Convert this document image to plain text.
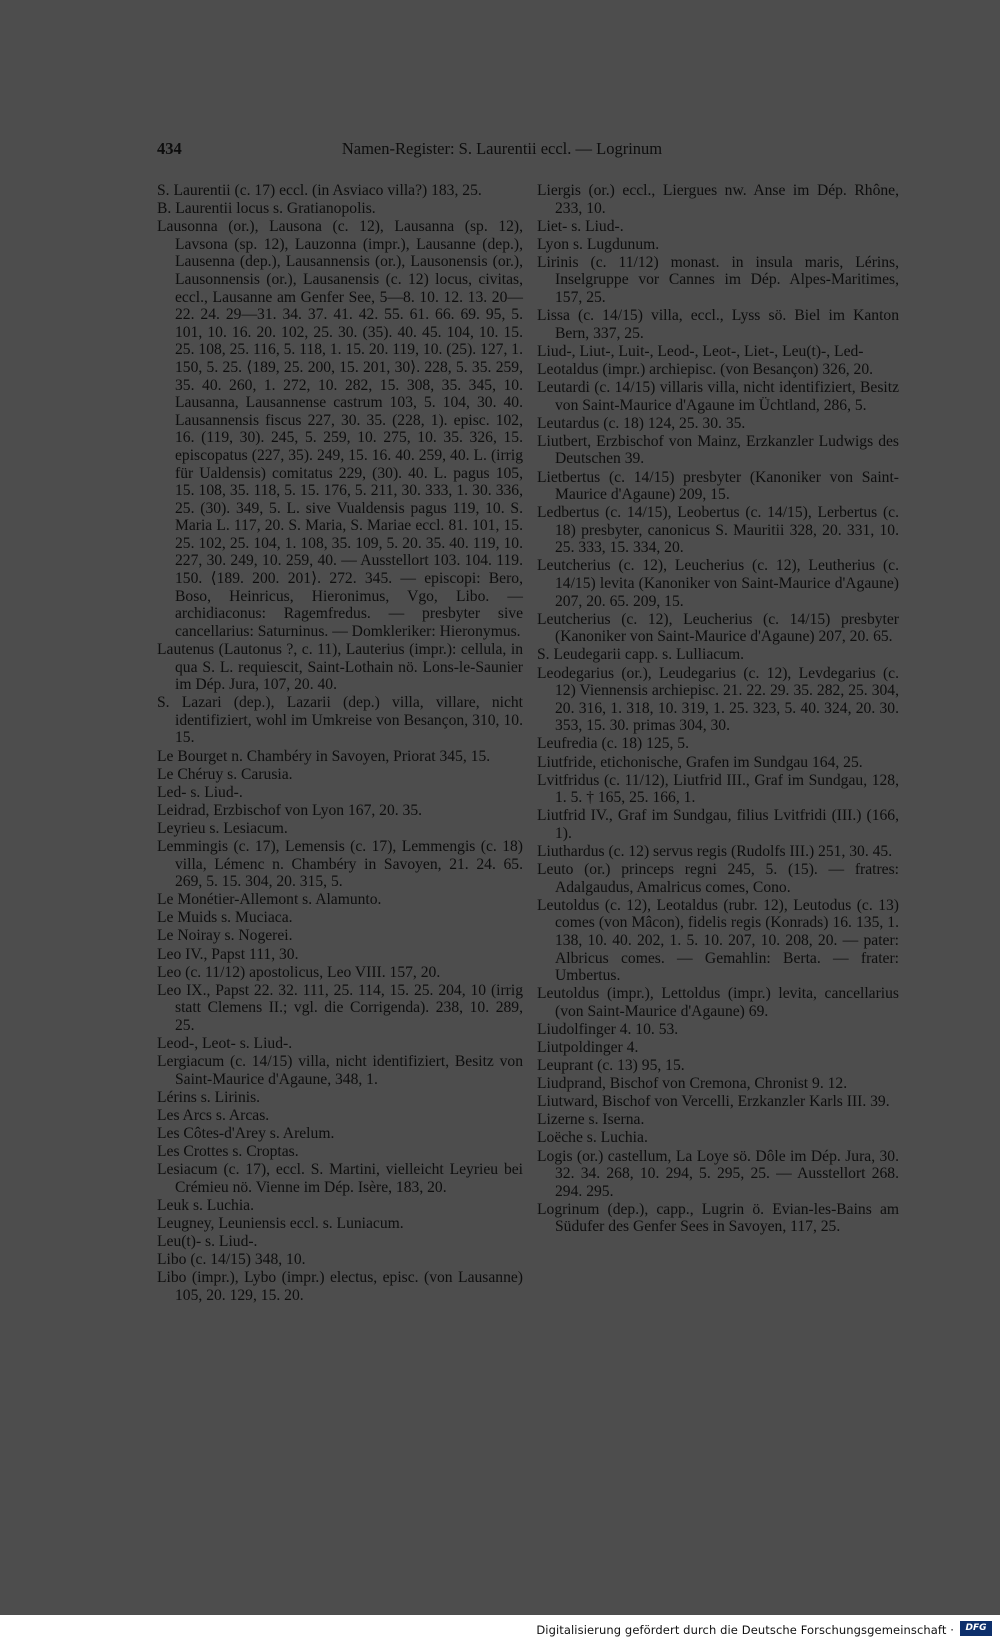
434	Namen-Register: S. Laurentii eccl. — Logrinum

S. Laurentii (c. 17) eccl. (in Asviaco villa?) 183, 25.

B. Laurentii locus s. Gratianopolis.

Lausonna (or.), Lausona (c. 12), Lausanna (sp. 12), Lavsona (sp. 12), Lauzonna (impr.), Lausanne (dep.), Lausenna (dep.), Lausannensis (or.), Lausonensis (or.), Lausonnensis (or.), Lausanensis (c. 12) locus, civitas, eccl., Lausanne am Genfer See, 5—8. 10. 12. 13. 20—22. 24. 29—31. 34. 37. 41. 42. 55. 61. 66. 69. 95, 5. 101, 10. 16. 20. 102, 25. 30. (35). 40. 45. 104, 10. 15. 25. 108, 25. 116, 5. 118, 1. 15. 20. 119, 10. (25). 127, 1. 150, 5. 25. ⟨189, 25. 200, 15. 201, 30⟩. 228, 5. 35. 259, 35. 40. 260, 1. 272, 10. 282, 15. 308, 35. 345, 10. Lausanna, Lausannense castrum 103, 5. 104, 30. 40. Lausannensis fiscus 227, 30. 35. (228, 1). episc. 102, 16. (119, 30). 245, 5. 259, 10. 275, 10. 35. 326, 15. episcopatus (227, 35). 249, 15. 16. 40. 259, 40. L. (irrig für Ualdensis) comitatus 229, (30). 40. L. pagus 105, 15. 108, 35. 118, 5. 15. 176, 5. 211, 30. 333, 1. 30. 336, 25. (30). 349, 5. L. sive Vualdensis pagus 119, 10. S. Maria L. 117, 20. S. Maria, S. Mariae eccl. 81. 101, 15. 25. 102, 25. 104, 1. 108, 35. 109, 5. 20. 35. 40. 119, 10. 227, 30. 249, 10. 259, 40. — Ausstellort 103. 104. 119. 150. ⟨189. 200. 201⟩. 272. 345. — episcopi: Bero, Boso, Heinricus, Hieronimus, Vgo, Libo. — archidiaconus: Ragemfredus. — presbyter sive cancellarius: Saturninus. — Domkleriker: Hieronymus.

Lautenus (Lautonus ?, c. 11), Lauterius (impr.): cellula, in qua S. L. requiescit, Saint-Lothain nö. Lons-le-Saunier im Dép. Jura, 107, 20. 40.

S. Lazari (dep.), Lazarii (dep.) villa, villare, nicht identifiziert, wohl im Umkreise von Besançon, 310, 10. 15.

Le Bourget n. Chambéry in Savoyen, Priorat 345, 15.

Le Chéruy s. Carusia.

Led- s. Liud-.

Leidrad, Erzbischof von Lyon 167, 20. 35.

Leyrieu s. Lesiacum.

Lemmingis (c. 17), Lemensis (c. 17), Lemmengis (c. 18) villa, Lémenc n. Chambéry in Savoyen, 21. 24. 65. 269, 5. 15. 304, 20. 315, 5.

Le Monétier-Allemont s. Alamunto.

Le Muids s. Muciaca.

Le Noiray s. Nogerei.

Leo IV., Papst 111, 30.

Leo (c. 11/12) apostolicus, Leo VIII. 157, 20.

Leo IX., Papst 22. 32. 111, 25. 114, 15. 25. 204, 10 (irrig statt Clemens II.; vgl. die Corrigenda). 238, 10. 289, 25.

Leod-, Leot- s. Liud-.

Lergiacum (c. 14/15) villa, nicht identifiziert, Besitz von Saint-Maurice d'Agaune, 348, 1.

Lérins s. Lirinis.

Les Arcs s. Arcas.

Les Côtes-d'Arey s. Arelum.

Les Crottes s. Croptas.

Lesiacum (c. 17), eccl. S. Martini, vielleicht Leyrieu bei Crémieu nö. Vienne im Dép. Isère, 183, 20.

Leuk s. Luchia.

Leugney, Leuniensis eccl. s. Luniacum.

Leu(t)- s. Liud-.

Libo (c. 14/15) 348, 10.

Libo (impr.), Lybo (impr.) electus, episc. (von Lausanne) 105, 20. 129, 15. 20.

Liergis (or.) eccl., Liergues nw. Anse im Dép. Rhône, 233, 10.

Liet- s. Liud-.

Lyon s. Lugdunum.

Lirinis (c. 11/12) monast. in insula maris, Lérins, Inselgruppe vor Cannes im Dép. Alpes-Maritimes, 157, 25.

Lissa (c. 14/15) villa, eccl., Lyss sö. Biel im Kanton Bern, 337, 25.

Liud-, Liut-, Luit-, Leod-, Leot-, Liet-, Leu(t)-, Led-

Leotaldus (impr.) archiepisc. (von Besançon) 326, 20.

Leutardi (c. 14/15) villaris villa, nicht identifiziert, Besitz von Saint-Maurice d'Agaune im Üchtland, 286, 5.

Leutardus (c. 18) 124, 25. 30. 35.

Liutbert, Erzbischof von Mainz, Erzkanzler Ludwigs des Deutschen 39.

Lietbertus (c. 14/15) presbyter (Kanoniker von Saint-Maurice d'Agaune) 209, 15.

Ledbertus (c. 14/15), Leobertus (c. 14/15), Lerbertus (c. 18) presbyter, canonicus S. Mauritii 328, 20. 331, 10. 25. 333, 15. 334, 20.

Leutcherius (c. 12), Leucherius (c. 12), Leutherius (c. 14/15) levita (Kanoniker von Saint-Maurice d'Agaune) 207, 20. 65. 209, 15.

Leutcherius (c. 12), Leucherius (c. 14/15) presbyter (Kanoniker von Saint-Maurice d'Agaune) 207, 20. 65.

S. Leudegarii capp. s. Lulliacum.

Leodegarius (or.), Leudegarius (c. 12), Levdegarius (c. 12) Viennensis archiepisc. 21. 22. 29. 35. 282, 25. 304, 20. 316, 1. 318, 10. 319, 1. 25. 323, 5. 40. 324, 20. 30. 353, 15. 30. primas 304, 30.

Leufredia (c. 18) 125, 5.

Liutfride, etichonische, Grafen im Sundgau 164, 25.

Lvitfridus (c. 11/12), Liutfrid III., Graf im Sundgau, 128, 1. 5. † 165, 25. 166, 1.

Liutfrid IV., Graf im Sundgau, filius Lvitfridi (III.) (166, 1).

Liuthardus (c. 12) servus regis (Rudolfs III.) 251, 30. 45.

Leuto (or.) princeps regni 245, 5. (15). — fratres: Adalgaudus, Amalricus comes, Cono.

Leutoldus (c. 12), Leotaldus (rubr. 12), Leutodus (c. 13) comes (von Mâcon), fidelis regis (Konrads) 16. 135, 1. 138, 10. 40. 202, 1. 5. 10. 207, 10. 208, 20. — pater: Albricus comes. — Gemahlin: Berta. — frater: Umbertus.

Leutoldus (impr.), Lettoldus (impr.) levita, cancellarius (von Saint-Maurice d'Agaune) 69.

Liudolfinger 4. 10. 53.

Liutpoldinger 4.

Leuprant (c. 13) 95, 15.

Liudprand, Bischof von Cremona, Chronist 9. 12.

Liutward, Bischof von Vercelli, Erzkanzler Karls III. 39.

Lizerne s. Iserna.

Loëche s. Luchia.

Logis (or.) castellum, La Loye sö. Dôle im Dép. Jura, 30. 32. 34. 268, 10. 294, 5. 295, 25. — Ausstellort 268. 294. 295.

Logrinum (dep.), capp., Lugrin ö. Evian-les-Bains am Südufer des Genfer Sees in Savoyen, 117, 25.

Digitalisierung gefördert durch die Deutsche Forschungsgemeinschaft ·	DFG
